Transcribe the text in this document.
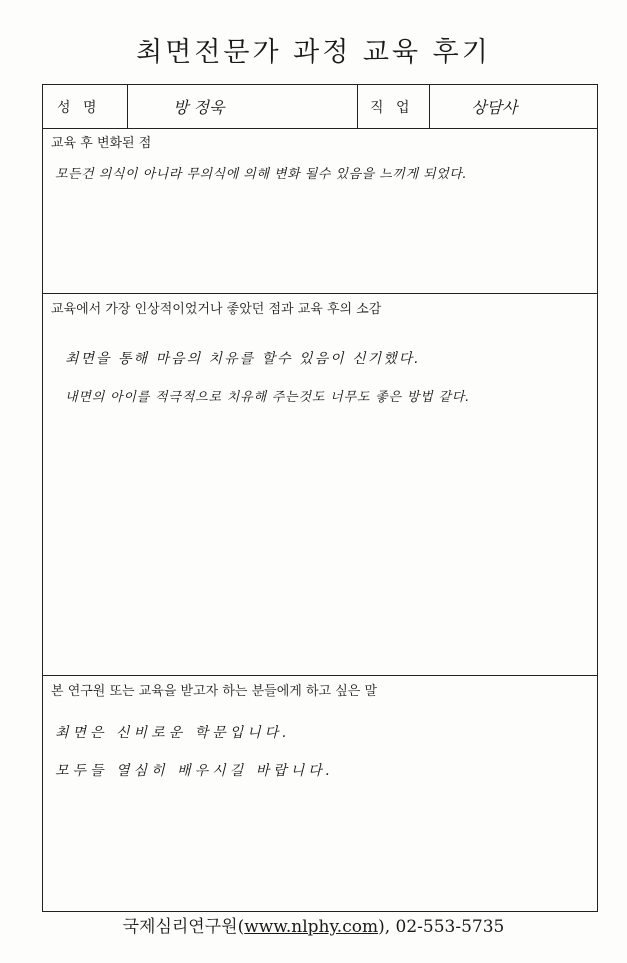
최면전문가 과정 교육 후기
성 명	방 정욱	직 업	상담사
교육 후 변화된 점
모든건 의식이 아니라 무의식에 의해 변화 될수 있음을 느끼게 되었다.
교육에서 가장 인상적이었거나 좋았던 점과 교육 후의 소감
최면을 통해 마음의 치유를 할수 있음이 신기했다.
내면의 아이를 적극적으로 치유해 주는것도 너무도 좋은 방법 같다.
본 연구원 또는 교육을 받고자 하는 분들에게 하고 싶은 말
최면은 신비로운 학문입니다.
모두들 열심히 배우시길 바랍니다.
국제심리연구원(www.nlphy.com), 02-553-5735
